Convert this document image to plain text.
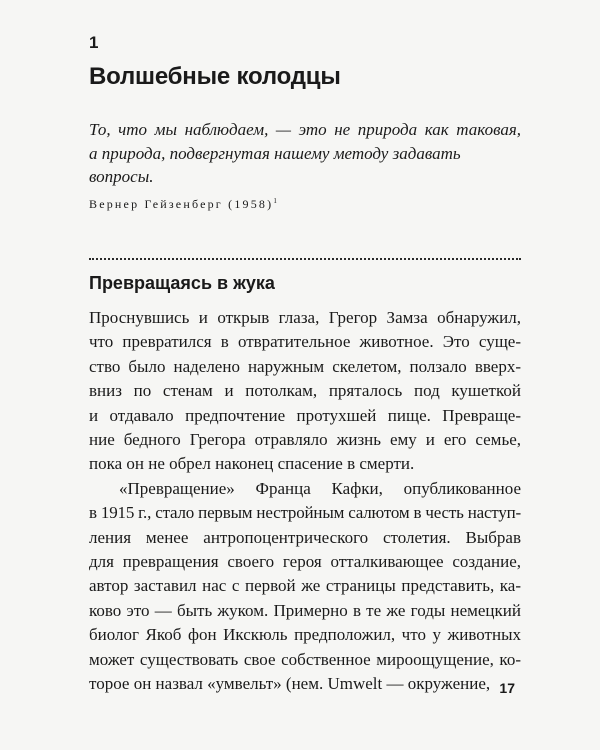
1
Волшебные колодцы
То, что мы наблюдаем, — это не природа как таковая,
а природа, подвергнутая нашему методу задавать
вопросы.
Вернер Гейзенберг $(1958)^1$
Превращаясь в жука

Проснувшись и открыв глаза, Грегор Замза обнаружил,
что превратился в отвратительное животное. Это суще-
ство было наделено наружным скелетом, ползало вверх-
вниз по стенам и потолкам, пряталось под кушеткой
и отдавало предпочтение протухшей пище. Превраще-
ние бедного Грегора отравляло жизнь ему и его семье,
пока он не обрел наконец спасение в смерти.

«Превращение» Франца Кафки, опубликованное
в 1915 г., стало первым нестройным салютом в честь наступ-
ления менее антропоцентрического столетия. Выбрав
для превращения своего героя отталкивающее создание,
автор заставил нас с первой же страницы представить, ка-
ково это — быть жуком. Примерно в те же годы немецкий
биолог Якоб фон Икскюль предположил, что у животных
может существовать свое собственное мироощущение, ко-
торое он назвал «умвельт» (нем. Umwelt — окружение, 17
